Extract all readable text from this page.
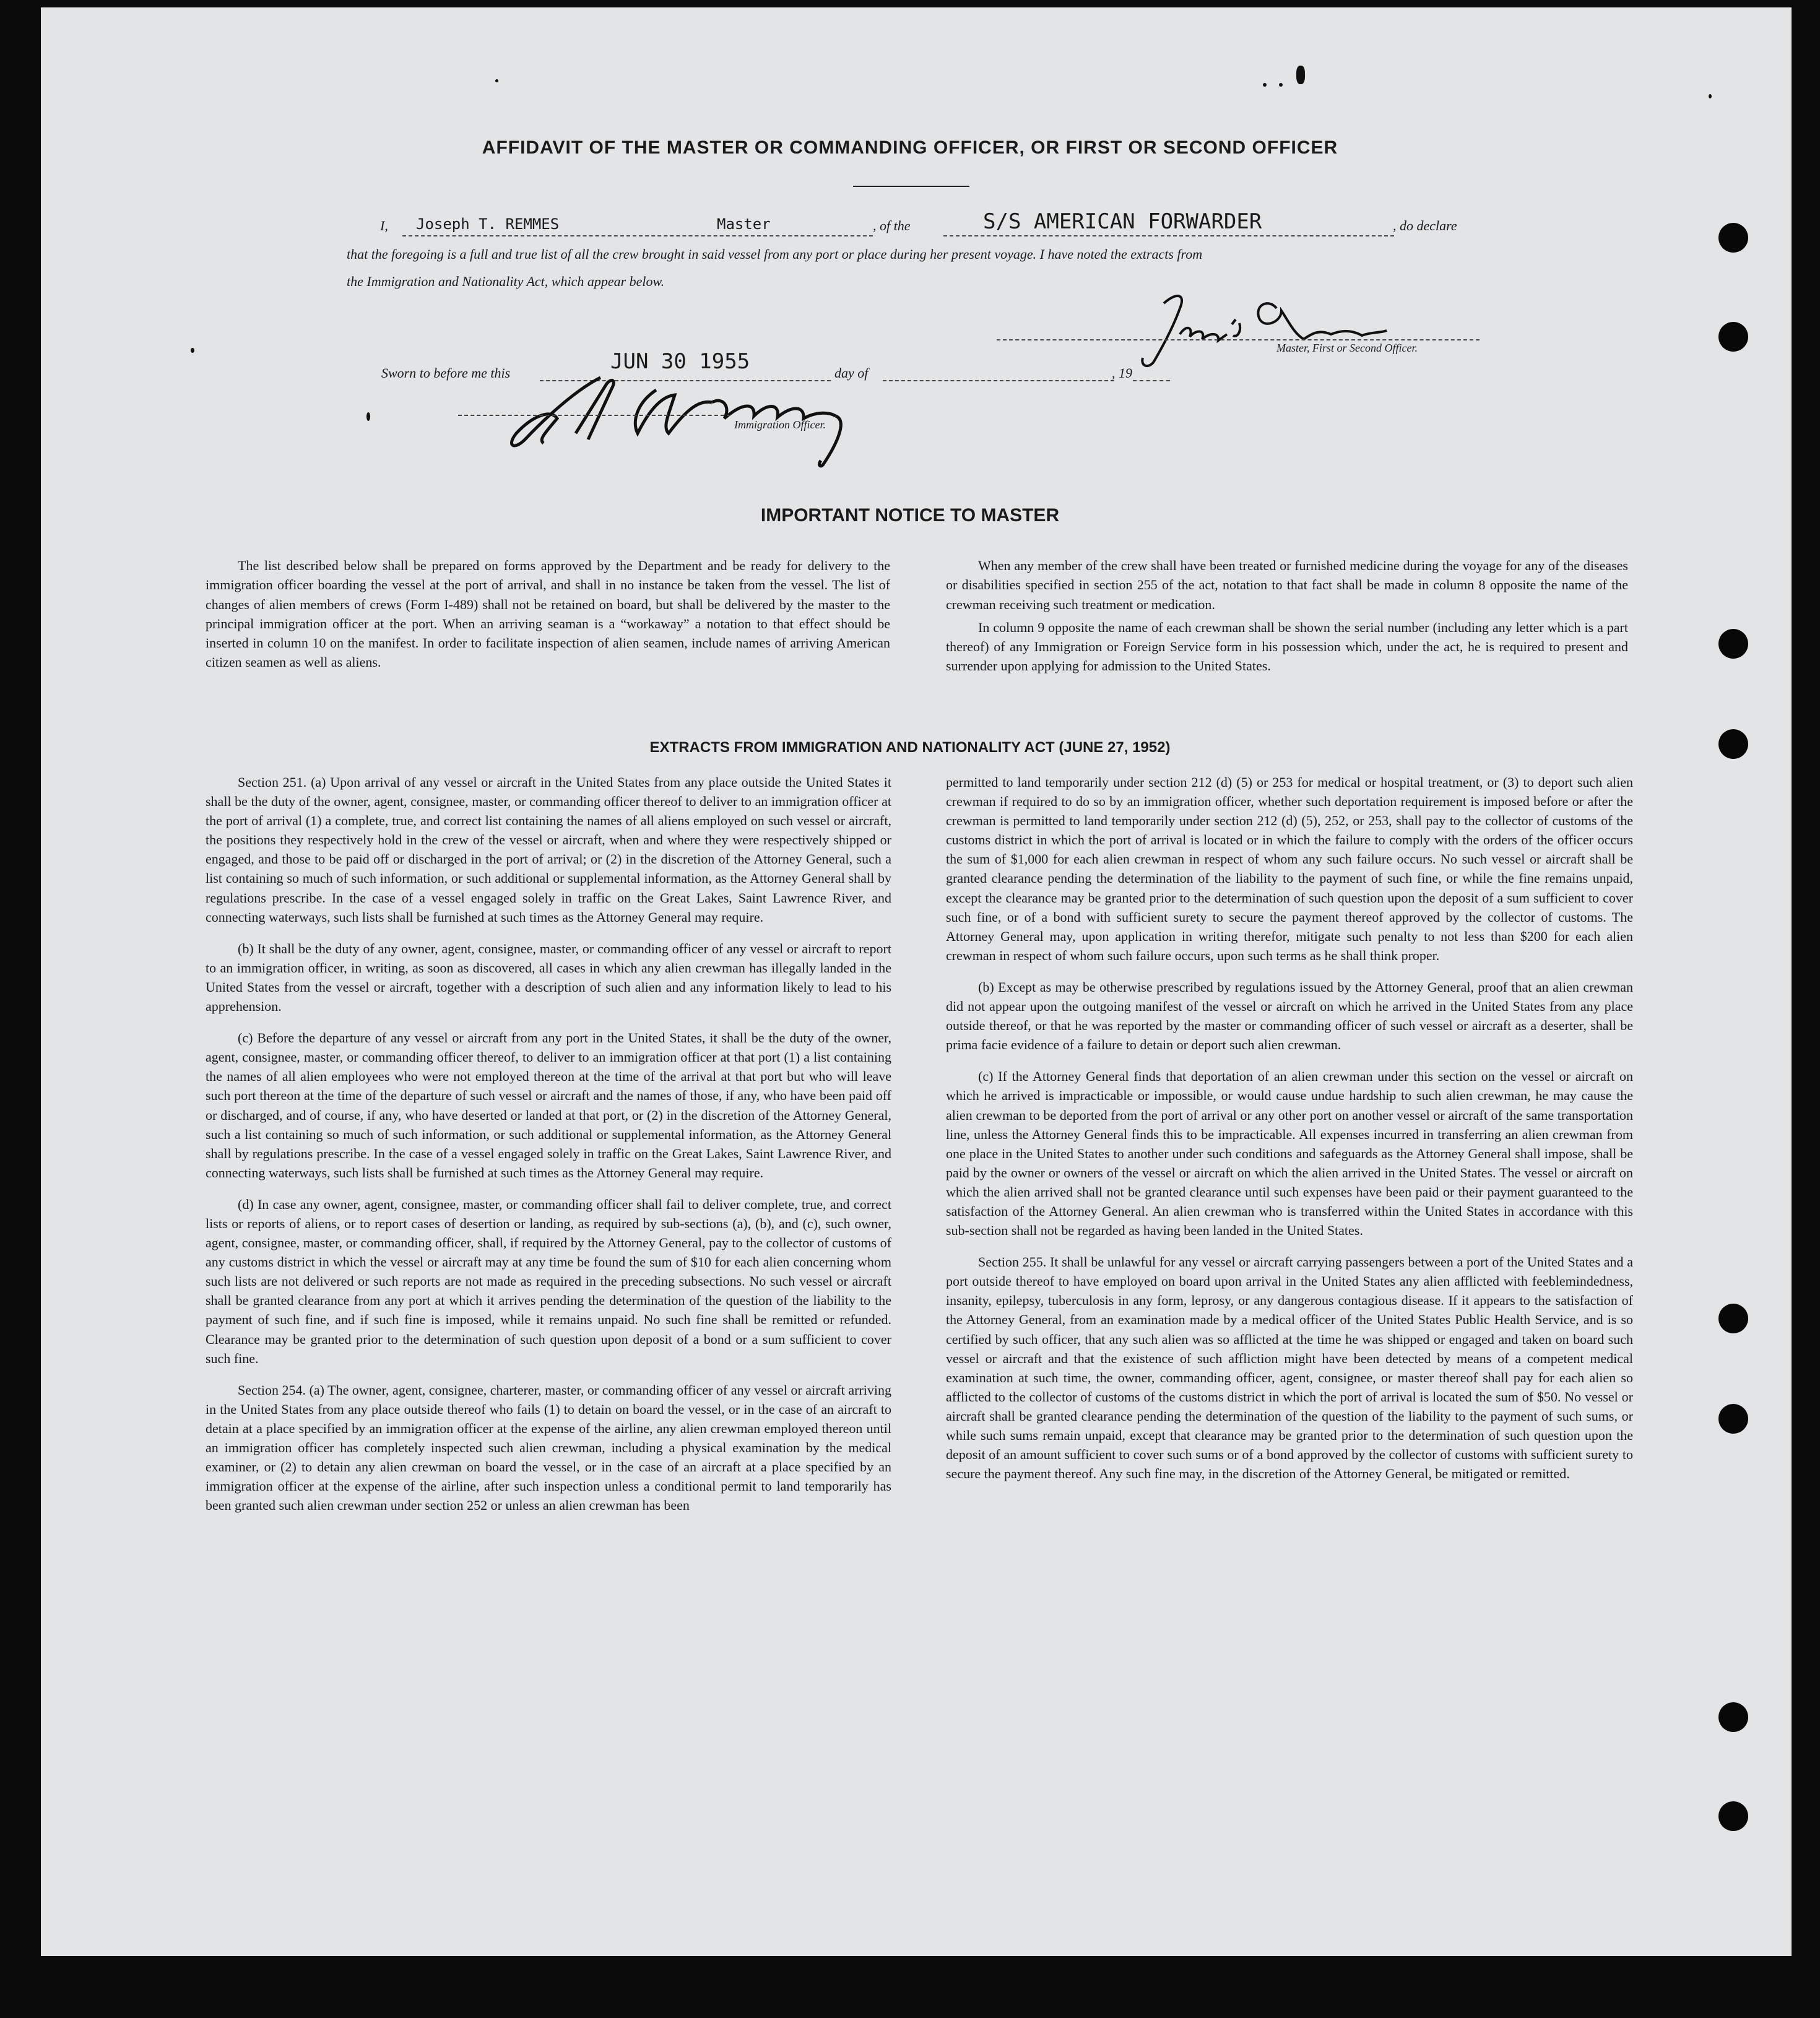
AFFIDAVIT OF THE MASTER OR COMMANDING OFFICER, OR FIRST OR SECOND OFFICER
I, Joseph T. REMMES	Master	, of the	S/S AMERICAN FORWARDER	, do declare
that the foregoing is a full and true list of all the crew brought in said vessel from any port or place during her present voyage. I have noted the extracts from
the Immigration and Nationality Act, which appear below.
Master, First or Second Officer.
Sworn to before me this	JUN 30 1955	day of	, 19
Immigration Officer.
IMPORTANT NOTICE TO MASTER

The list described below shall be prepared on forms approved by the Department and be ready for delivery to the immigration officer boarding the vessel at the port of arrival, and shall in no instance be taken from the vessel. The list of changes of alien members of crews (Form I-489) shall not be retained on board, but shall be delivered by the master to the principal immigration officer at the port. When an arriving seaman is a “workaway” a notation to that effect should be inserted in column 10 on the manifest. In order to facilitate inspection of alien seamen, include names of arriving American citizen seamen as well as aliens.

When any member of the crew shall have been treated or furnished medicine during the voyage for any of the diseases or disabilities specified in section 255 of the act, notation to that fact shall be made in column 8 opposite the name of the crewman receiving such treatment or medication.

In column 9 opposite the name of each crewman shall be shown the serial number (including any letter which is a part thereof) of any Immigration or Foreign Service form in his possession which, under the act, he is required to present and surrender upon applying for admission to the United States.

EXTRACTS FROM IMMIGRATION AND NATIONALITY ACT (JUNE 27, 1952)

Section 251. (a) Upon arrival of any vessel or aircraft in the United States from any place outside the United States it shall be the duty of the owner, agent, consignee, master, or commanding officer thereof to deliver to an immigration officer at the port of arrival (1) a complete, true, and correct list containing the names of all aliens employed on such vessel or aircraft, the positions they respectively hold in the crew of the vessel or aircraft, when and where they were respectively shipped or engaged, and those to be paid off or discharged in the port of arrival; or (2) in the discretion of the Attorney General, such a list containing so much of such information, or such additional or supplemental information, as the Attorney General shall by regulations prescribe. In the case of a vessel engaged solely in traffic on the Great Lakes, Saint Lawrence River, and connecting waterways, such lists shall be furnished at such times as the Attorney General may require.

(b) It shall be the duty of any owner, agent, consignee, master, or commanding officer of any vessel or aircraft to report to an immigration officer, in writing, as soon as discovered, all cases in which any alien crewman has illegally landed in the United States from the vessel or aircraft, together with a description of such alien and any information likely to lead to his apprehension.

(c) Before the departure of any vessel or aircraft from any port in the United States, it shall be the duty of the owner, agent, consignee, master, or commanding officer thereof, to deliver to an immigration officer at that port (1) a list containing the names of all alien employees who were not employed thereon at the time of the arrival at that port but who will leave such port thereon at the time of the departure of such vessel or aircraft and the names of those, if any, who have been paid off or discharged, and of course, if any, who have deserted or landed at that port, or (2) in the discretion of the Attorney General, such a list containing so much of such information, or such additional or supplemental information, as the Attorney General shall by regulations prescribe. In the case of a vessel engaged solely in traffic on the Great Lakes, Saint Lawrence River, and connecting waterways, such lists shall be furnished at such times as the Attorney General may require.

(d) In case any owner, agent, consignee, master, or commanding officer shall fail to deliver complete, true, and correct lists or reports of aliens, or to report cases of desertion or landing, as required by sub-sections (a), (b), and (c), such owner, agent, consignee, master, or commanding officer, shall, if required by the Attorney General, pay to the collector of customs of any customs district in which the vessel or aircraft may at any time be found the sum of $10 for each alien concerning whom such lists are not delivered or such reports are not made as required in the preceding subsections. No such vessel or aircraft shall be granted clearance from any port at which it arrives pending the determination of the question of the liability to the payment of such fine, and if such fine is imposed, while it remains unpaid. No such fine shall be remitted or refunded. Clearance may be granted prior to the determination of such question upon deposit of a bond or a sum sufficient to cover such fine.

Section 254. (a) The owner, agent, consignee, charterer, master, or commanding officer of any vessel or aircraft arriving in the United States from any place outside thereof who fails (1) to detain on board the vessel, or in the case of an aircraft to detain at a place specified by an immigration officer at the expense of the airline, any alien crewman employed thereon until an immigration officer has completely inspected such alien crewman, including a physical examination by the medical examiner, or (2) to detain any alien crewman on board the vessel, or in the case of an aircraft at a place specified by an immigration officer at the expense of the airline, after such inspection unless a conditional permit to land temporarily has been granted such alien crewman under section 252 or unless an alien crewman has been

permitted to land temporarily under section 212 (d) (5) or 253 for medical or hospital treatment, or (3) to deport such alien crewman if required to do so by an immigration officer, whether such deportation requirement is imposed before or after the crewman is permitted to land temporarily under section 212 (d) (5), 252, or 253, shall pay to the collector of customs of the customs district in which the port of arrival is located or in which the failure to comply with the orders of the officer occurs the sum of $1,000 for each alien crewman in respect of whom any such failure occurs. No such vessel or aircraft shall be granted clearance pending the determination of the liability to the payment of such fine, or while the fine remains unpaid, except the clearance may be granted prior to the determination of such question upon the deposit of a sum sufficient to cover such fine, or of a bond with sufficient surety to secure the payment thereof approved by the collector of customs. The Attorney General may, upon application in writing therefor, mitigate such penalty to not less than $200 for each alien crewman in respect of whom such failure occurs, upon such terms as he shall think proper.

(b) Except as may be otherwise prescribed by regulations issued by the Attorney General, proof that an alien crewman did not appear upon the outgoing manifest of the vessel or aircraft on which he arrived in the United States from any place outside thereof, or that he was reported by the master or commanding officer of such vessel or aircraft as a deserter, shall be prima facie evidence of a failure to detain or deport such alien crewman.

(c) If the Attorney General finds that deportation of an alien crewman under this section on the vessel or aircraft on which he arrived is impracticable or impossible, or would cause undue hardship to such alien crewman, he may cause the alien crewman to be deported from the port of arrival or any other port on another vessel or aircraft of the same transportation line, unless the Attorney General finds this to be impracticable. All expenses incurred in transferring an alien crewman from one place in the United States to another under such conditions and safeguards as the Attorney General shall impose, shall be paid by the owner or owners of the vessel or aircraft on which the alien arrived in the United States. The vessel or aircraft on which the alien arrived shall not be granted clearance until such expenses have been paid or their payment guaranteed to the satisfaction of the Attorney General. An alien crewman who is transferred within the United States in accordance with this sub-section shall not be regarded as having been landed in the United States.

Section 255. It shall be unlawful for any vessel or aircraft carrying passengers between a port of the United States and a port outside thereof to have employed on board upon arrival in the United States any alien afflicted with feeblemindedness, insanity, epilepsy, tuberculosis in any form, leprosy, or any dangerous contagious disease. If it appears to the satisfaction of the Attorney General, from an examination made by a medical officer of the United States Public Health Service, and is so certified by such officer, that any such alien was so afflicted at the time he was shipped or engaged and taken on board such vessel or aircraft and that the existence of such affliction might have been detected by means of a competent medical examination at such time, the owner, commanding officer, agent, consignee, or master thereof shall pay for each alien so afflicted to the collector of customs of the customs district in which the port of arrival is located the sum of $50. No vessel or aircraft shall be granted clearance pending the determination of the question of the liability to the payment of such sums, or while such sums remain unpaid, except that clearance may be granted prior to the determination of such question upon the deposit of an amount sufficient to cover such sums or of a bond approved by the collector of customs with sufficient surety to secure the payment thereof. Any such fine may, in the discretion of the Attorney General, be mitigated or remitted.
